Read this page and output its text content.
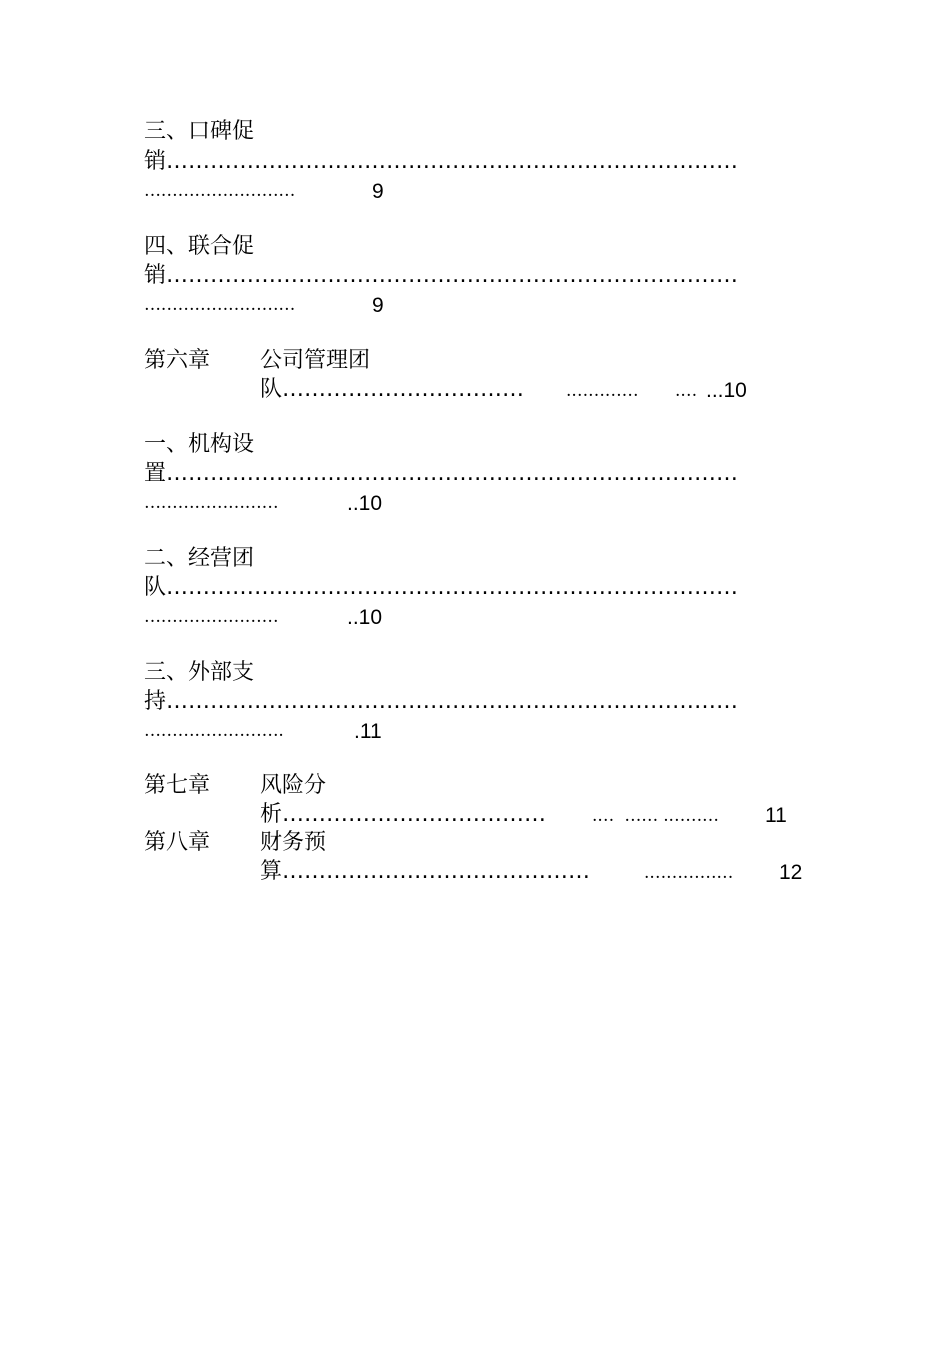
三、口碑促
销……………………………………………………………………
………………………	9
四、联合促
销……………………………………………………………………
………………………	9
第六章 公司管理团
队…………………………… .………… .… ...10
一、机构设
置……………………………………………………………………
……………………	..10
二、经营团
队……………………………………………………………………
……………………	..10
三、外部支
持……………………………………………………………………
…………………….	.11
第七章 风险分
析………………………………	.…  …… .……… 11
第八章 财务预
算……………………………………	.…………… 12
